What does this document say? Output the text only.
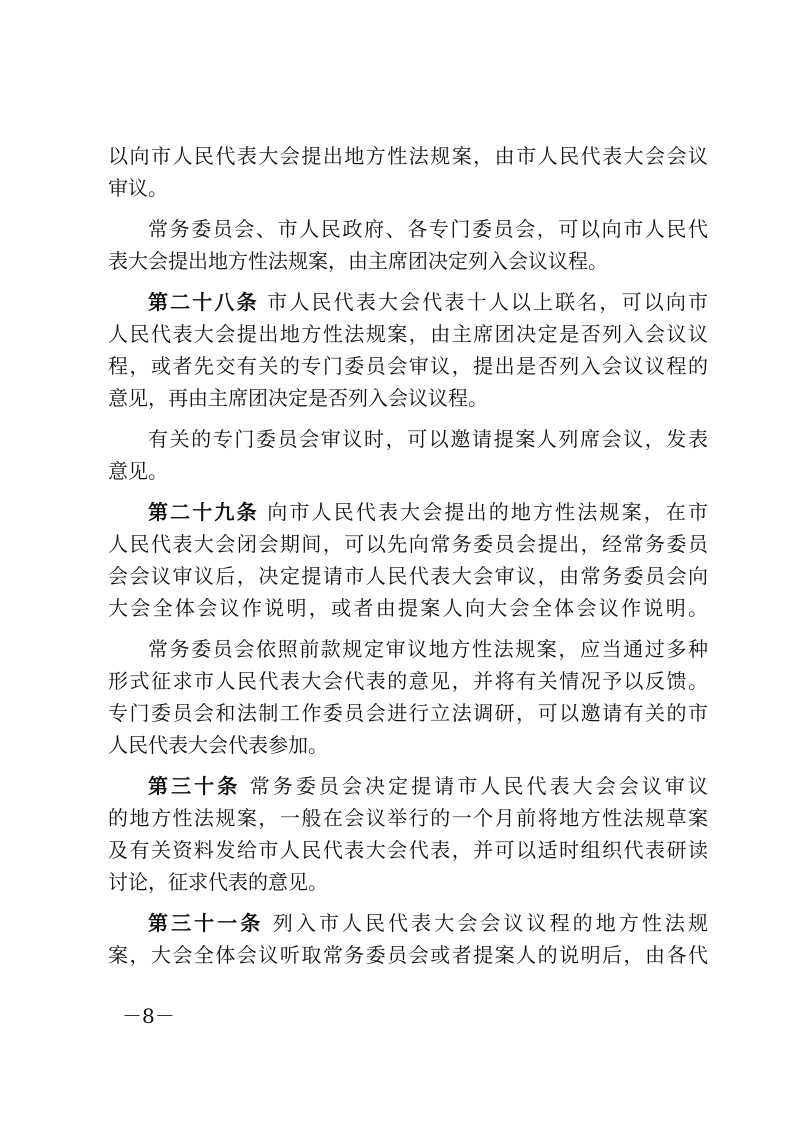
以向市人民代表大会提出地方性法规案，由市人民代表大会会议
审议。
常务委员会、市人民政府、各专门委员会，可以向市人民代
表大会提出地方性法规案，由主席团决定列入会议议程。
第二十八条 市人民代表大会代表十人以上联名，可以向市
人民代表大会提出地方性法规案，由主席团决定是否列入会议议
程，或者先交有关的专门委员会审议，提出是否列入会议议程的
意见，再由主席团决定是否列入会议议程。
有关的专门委员会审议时，可以邀请提案人列席会议，发表
意见。
第二十九条 向市人民代表大会提出的地方性法规案，在市
人民代表大会闭会期间，可以先向常务委员会提出，经常务委员
会会议审议后，决定提请市人民代表大会审议，由常务委员会向
大会全体会议作说明，或者由提案人向大会全体会议作说明。
常务委员会依照前款规定审议地方性法规案，应当通过多种
形式征求市人民代表大会代表的意见，并将有关情况予以反馈。
专门委员会和法制工作委员会进行立法调研，可以邀请有关的市
人民代表大会代表参加。
第三十条 常务委员会决定提请市人民代表大会会议审议
的地方性法规案，一般在会议举行的一个月前将地方性法规草案
及有关资料发给市人民代表大会代表，并可以适时组织代表研读
讨论，征求代表的意见。
第三十一条 列入市人民代表大会会议议程的地方性法规
案，大会全体会议听取常务委员会或者提案人的说明后，由各代
－8－
